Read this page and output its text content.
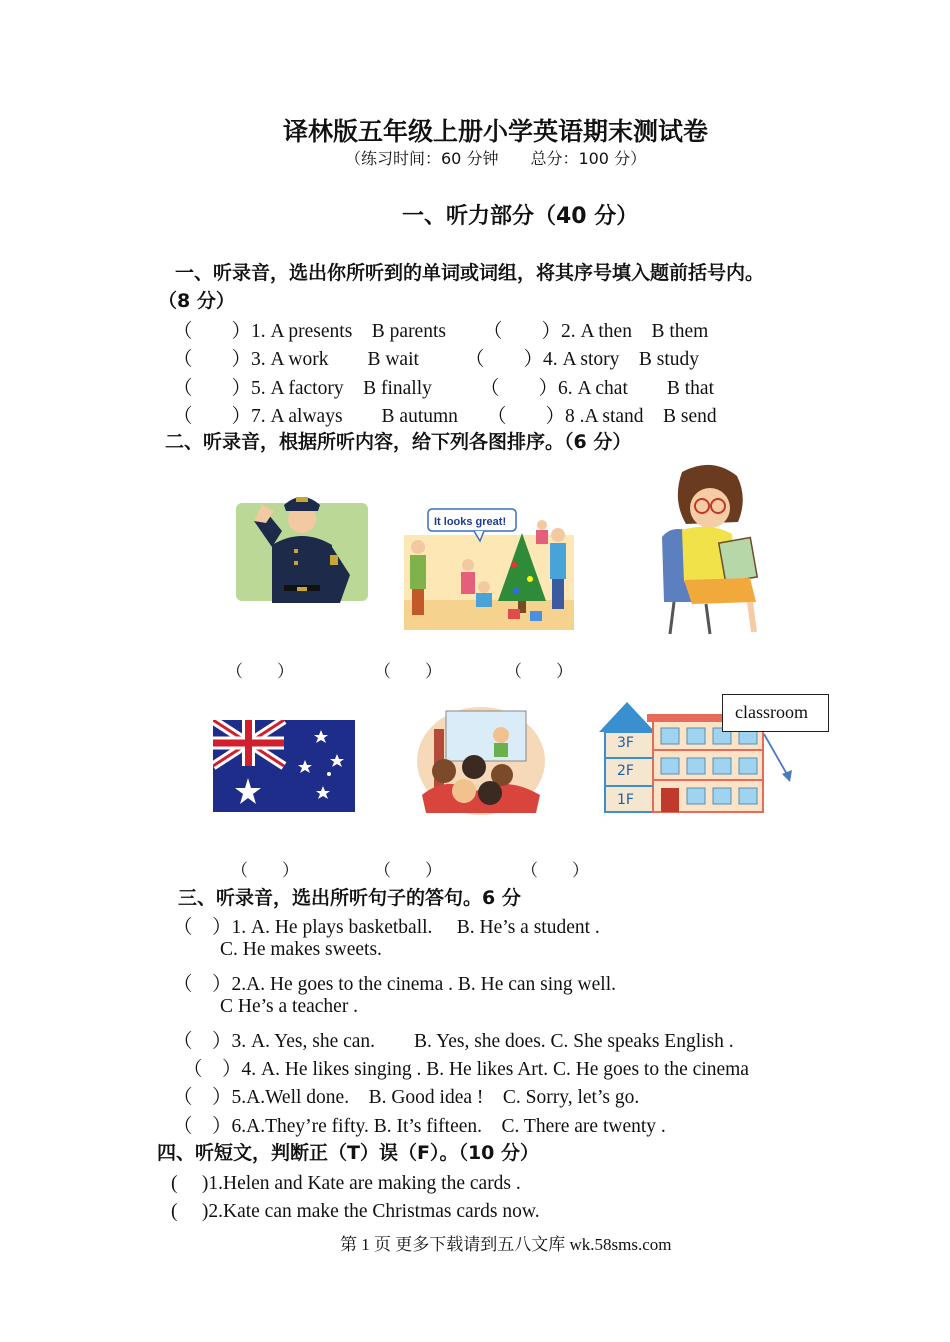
译林版五年级上册小学英语期末测试卷
（练习时间：60 分钟　　总分：100 分）
一、听力部分（40 分）
一、听录音，选出你所听到的单词或词组，将其序号填入题前括号内。
（8 分）
（　　）1. A presents　B parents （　　）2. A then　B them
（　　）3. A work　　B wait （　　）4. A story　B study
（　　）5. A factory　B finally （　　）6. A chat　　B that
（　　）7. A always　　B autumn （　　）8 .A stand　B send
二、听录音，根据所听内容，给下列各图排序。（6 分）
It looks great!
（　　）	（　　）	（　　）
3F
2F
1F
classroom
（　　）	（　　）	（　　）
三、听录音，选出所听句子的答句。6 分
（　）1. A. He plays basketball.　 B. He’s a student .
C. He makes sweets.
（　）2.A. He goes to the cinema . B. He can sing well.
C He’s a teacher .
（　）3. A. Yes, she can.　　B. Yes, she does. C. She speaks English .
（　）4. A. He likes singing . B. He likes Art. C. He goes to the cinema
（　）5.A.Well done.　B. Good idea !　C. Sorry, let’s go.
（　）6.A.They’re fifty. B. It’s fifteen.　C. There are twenty .
四、听短文，判断正（T）误（F）。（10 分）
(　 )1.Helen and Kate are making the cards .
(　 )2.Kate can make the Christmas cards now.
第 1 页 更多下载请到五八文库 wk.58sms.com
